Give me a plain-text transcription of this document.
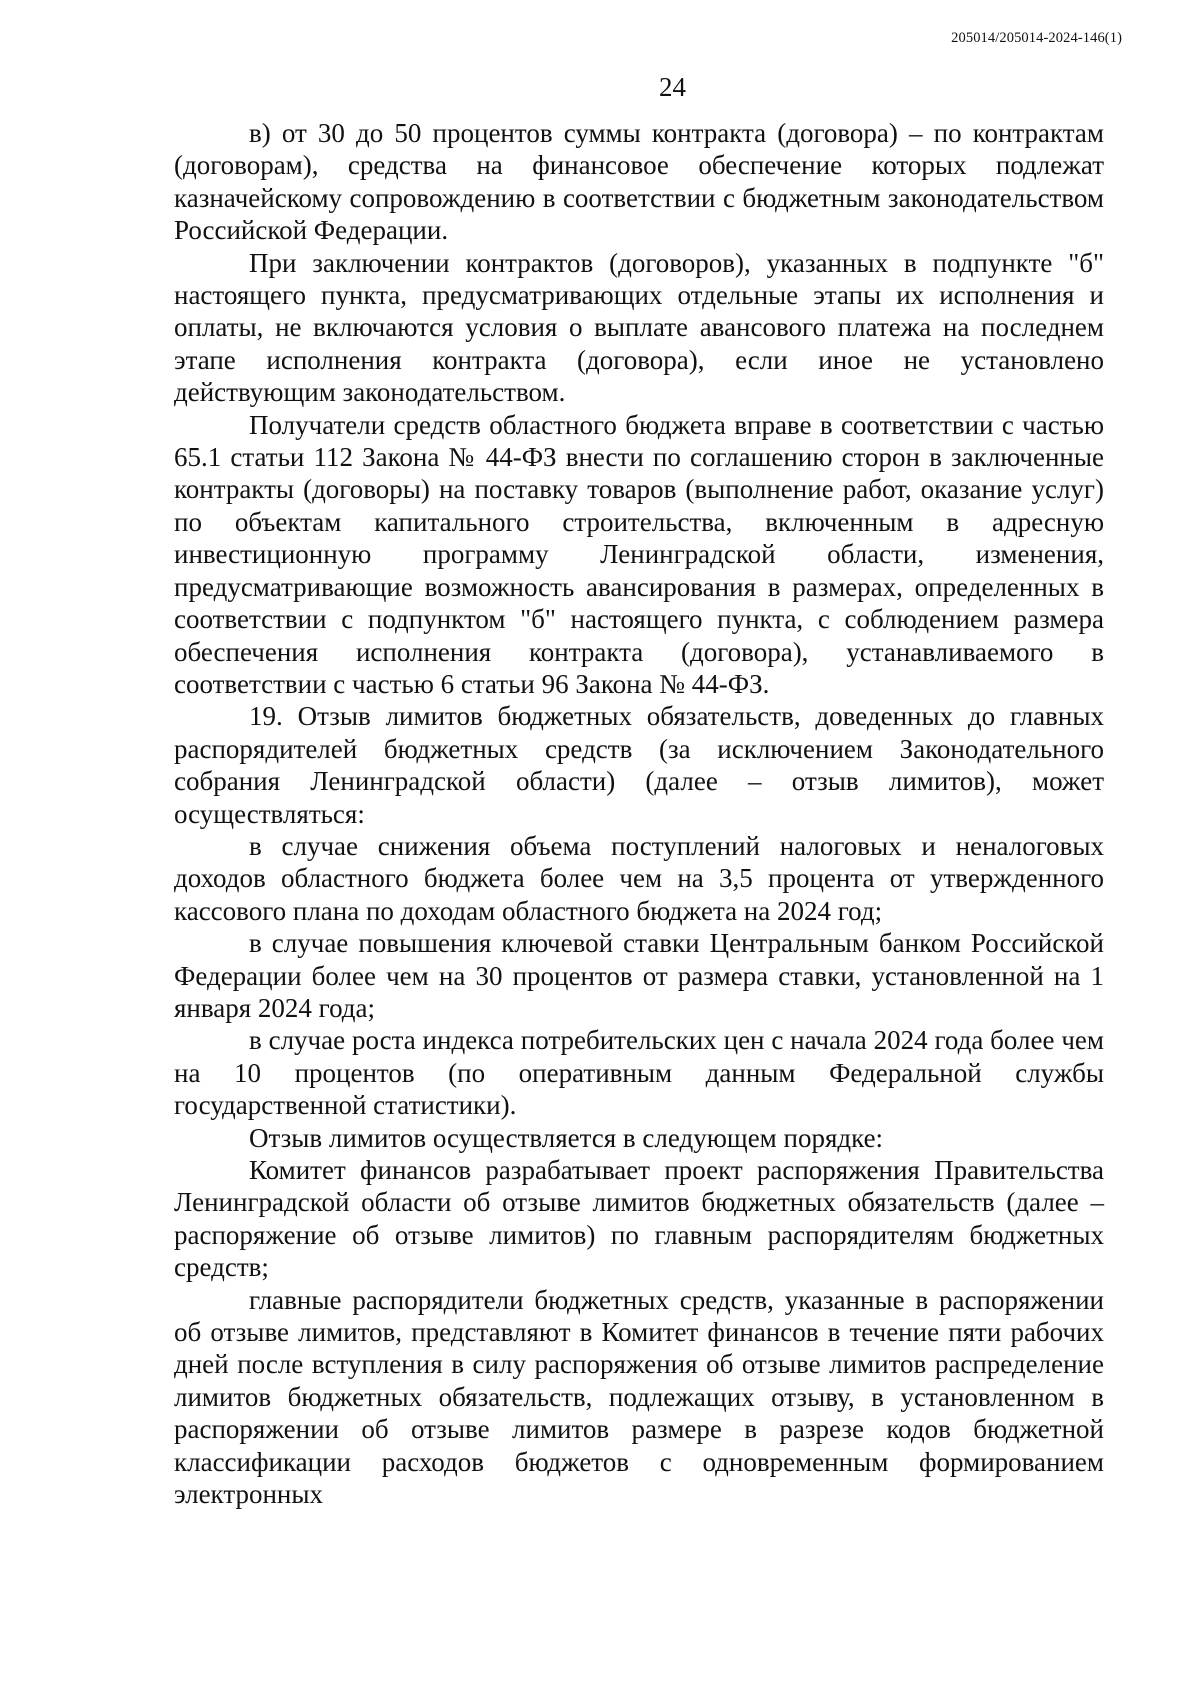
205014/205014-2024-146(1)
24

в) от 30 до 50 процентов суммы контракта (договора) – по контрактам (договорам), средства на финансовое обеспечение которых подлежат казначейскому сопровождению в соответствии с бюджетным законодательством Российской Федерации.

При заключении контрактов (договоров), указанных в подпункте "б" настоящего пункта, предусматривающих отдельные этапы их исполнения и оплаты, не включаются условия о выплате авансового платежа на последнем этапе исполнения контракта (договора), если иное не установлено действующим законодательством.

Получатели средств областного бюджета вправе в соответствии с частью 65.1 статьи 112 Закона № 44-ФЗ внести по соглашению сторон в заключенные контракты (договоры) на поставку товаров (выполнение работ, оказание услуг) по объектам капитального строительства, включенным в адресную инвестиционную программу Ленинградской области, изменения, предусматривающие возможность авансирования в размерах, определенных в соответствии с подпунктом "б" настоящего пункта, с соблюдением размера обеспечения исполнения контракта (договора), устанавливаемого в соответствии с частью 6 статьи 96 Закона № 44-ФЗ.

19. Отзыв лимитов бюджетных обязательств, доведенных до главных распорядителей бюджетных средств (за исключением Законодательного собрания Ленинградской области) (далее – отзыв лимитов), может осуществляться:

в случае снижения объема поступлений налоговых и неналоговых доходов областного бюджета более чем на 3,5 процента от утвержденного кассового плана по доходам областного бюджета на 2024 год;

в случае повышения ключевой ставки Центральным банком Российской Федерации более чем на 30 процентов от размера ставки, установленной на 1 января 2024 года;

в случае роста индекса потребительских цен с начала 2024 года более чем на 10 процентов (по оперативным данным Федеральной службы государственной статистики).

Отзыв лимитов осуществляется в следующем порядке:

Комитет финансов разрабатывает проект распоряжения Правительства Ленинградской области об отзыве лимитов бюджетных обязательств (далее – распоряжение об отзыве лимитов) по главным распорядителям бюджетных средств;

главные распорядители бюджетных средств, указанные в распоряжении об отзыве лимитов, представляют в Комитет финансов в течение пяти рабочих дней после вступления в силу распоряжения об отзыве лимитов распределение лимитов бюджетных обязательств, подлежащих отзыву, в установленном в распоряжении об отзыве лимитов размере в разрезе кодов бюджетной классификации расходов бюджетов с одновременным формированием электронных
